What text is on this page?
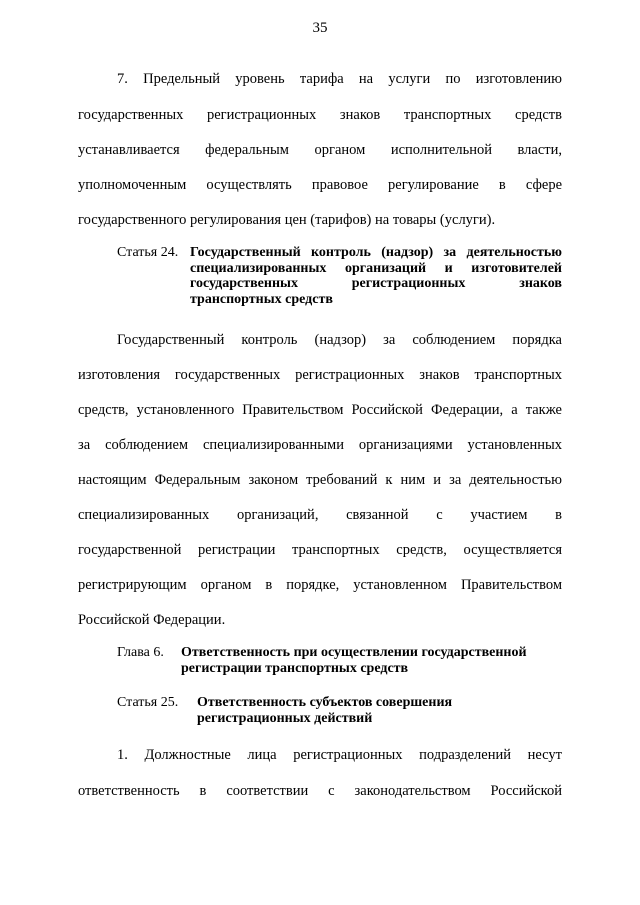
35
7. Предельный уровень тарифа на услуги по изготовлению
государственных регистрационных знаков транспортных средств
устанавливается федеральным органом исполнительной власти,
уполномоченным осуществлять правовое регулирование в сфере
государственного регулирования цен (тарифов) на товары (услуги).
Статья 24. Государственный контроль (надзор) за деятельностью
специализированных организаций и изготовителей
государственных регистрационных знаков
транспортных средств
Государственный контроль (надзор) за соблюдением порядка
изготовления государственных регистрационных знаков транспортных
средств, установленного Правительством Российской Федерации, а также
за соблюдением специализированными организациями установленных
настоящим Федеральным законом требований к ним и за деятельностью
специализированных организаций, связанной с участием в
государственной регистрации транспортных средств, осуществляется
регистрирующим органом в порядке, установленном Правительством
Российской Федерации.
Глава 6. Ответственность при осуществлении государственной
регистрации транспортных средств
Статья 25. Ответственность субъектов совершения
регистрационных действий
1. Должностные лица регистрационных подразделений несут
ответственность в соответствии с законодательством Российской
